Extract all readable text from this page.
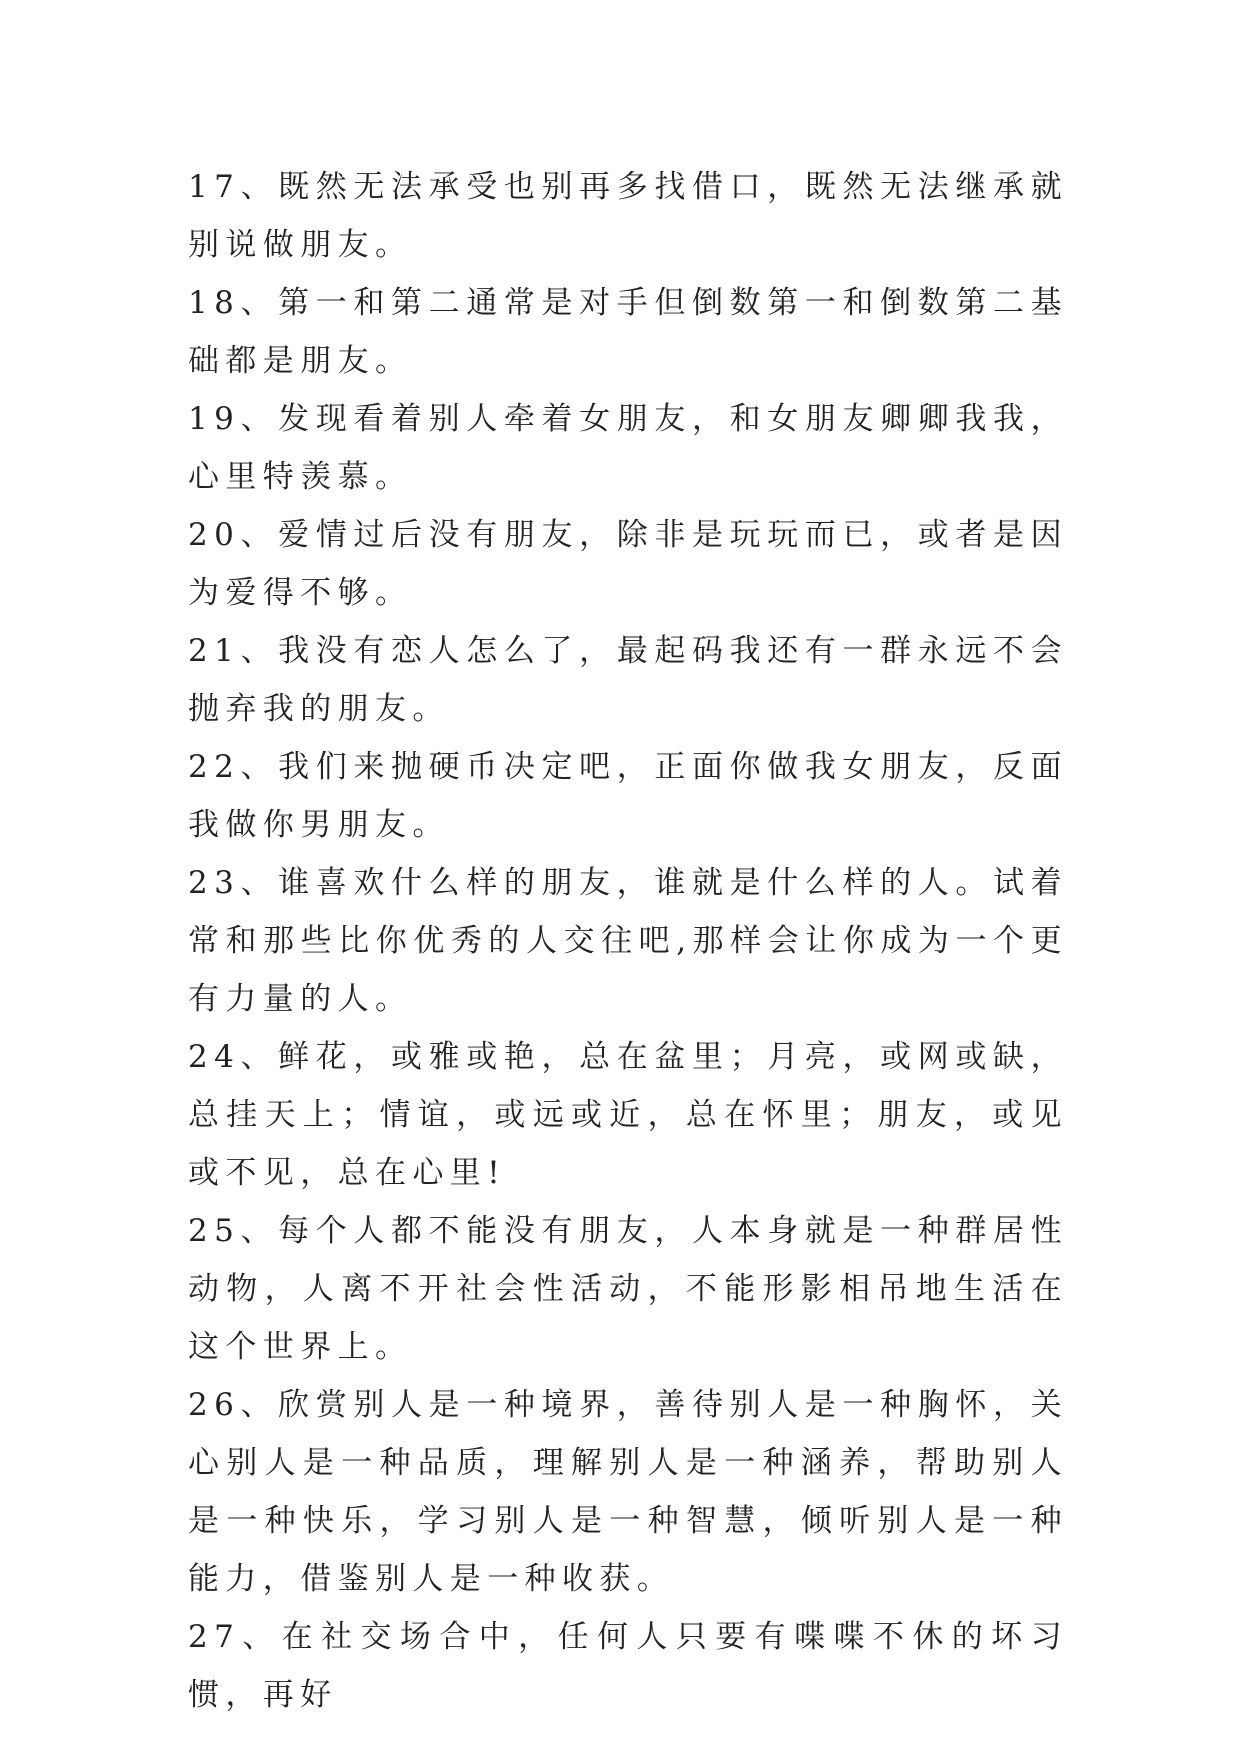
17、既然无法承受也别再多找借口，既然无法继承就别说做朋友。

18、第一和第二通常是对手但倒数第一和倒数第二基础都是朋友。

19、发现看着别人牵着女朋友，和女朋友卿卿我我，心里特羡慕。

20、爱情过后没有朋友，除非是玩玩而已，或者是因为爱得不够。

21、我没有恋人怎么了，最起码我还有一群永远不会抛弃我的朋友。

22、我们来抛硬币决定吧，正面你做我女朋友，反面我做你男朋友。

23、谁喜欢什么样的朋友，谁就是什么样的人。试着常和那些比你优秀的人交往吧,那样会让你成为一个更有力量的人。

24、鲜花，或雅或艳，总在盆里；月亮，或网或缺，总挂天上；情谊，或远或近，总在怀里；朋友，或见或不见，总在心里!

25、每个人都不能没有朋友，人本身就是一种群居性动物，人离不开社会性活动，不能形影相吊地生活在这个世界上。

26、欣赏别人是一种境界，善待别人是一种胸怀，关心别人是一种品质，理解别人是一种涵养，帮助别人是一种快乐，学习别人是一种智慧，倾听别人是一种能力，借鉴别人是一种收获。

27、在社交场合中，任何人只要有喋喋不休的坏习惯，再好
